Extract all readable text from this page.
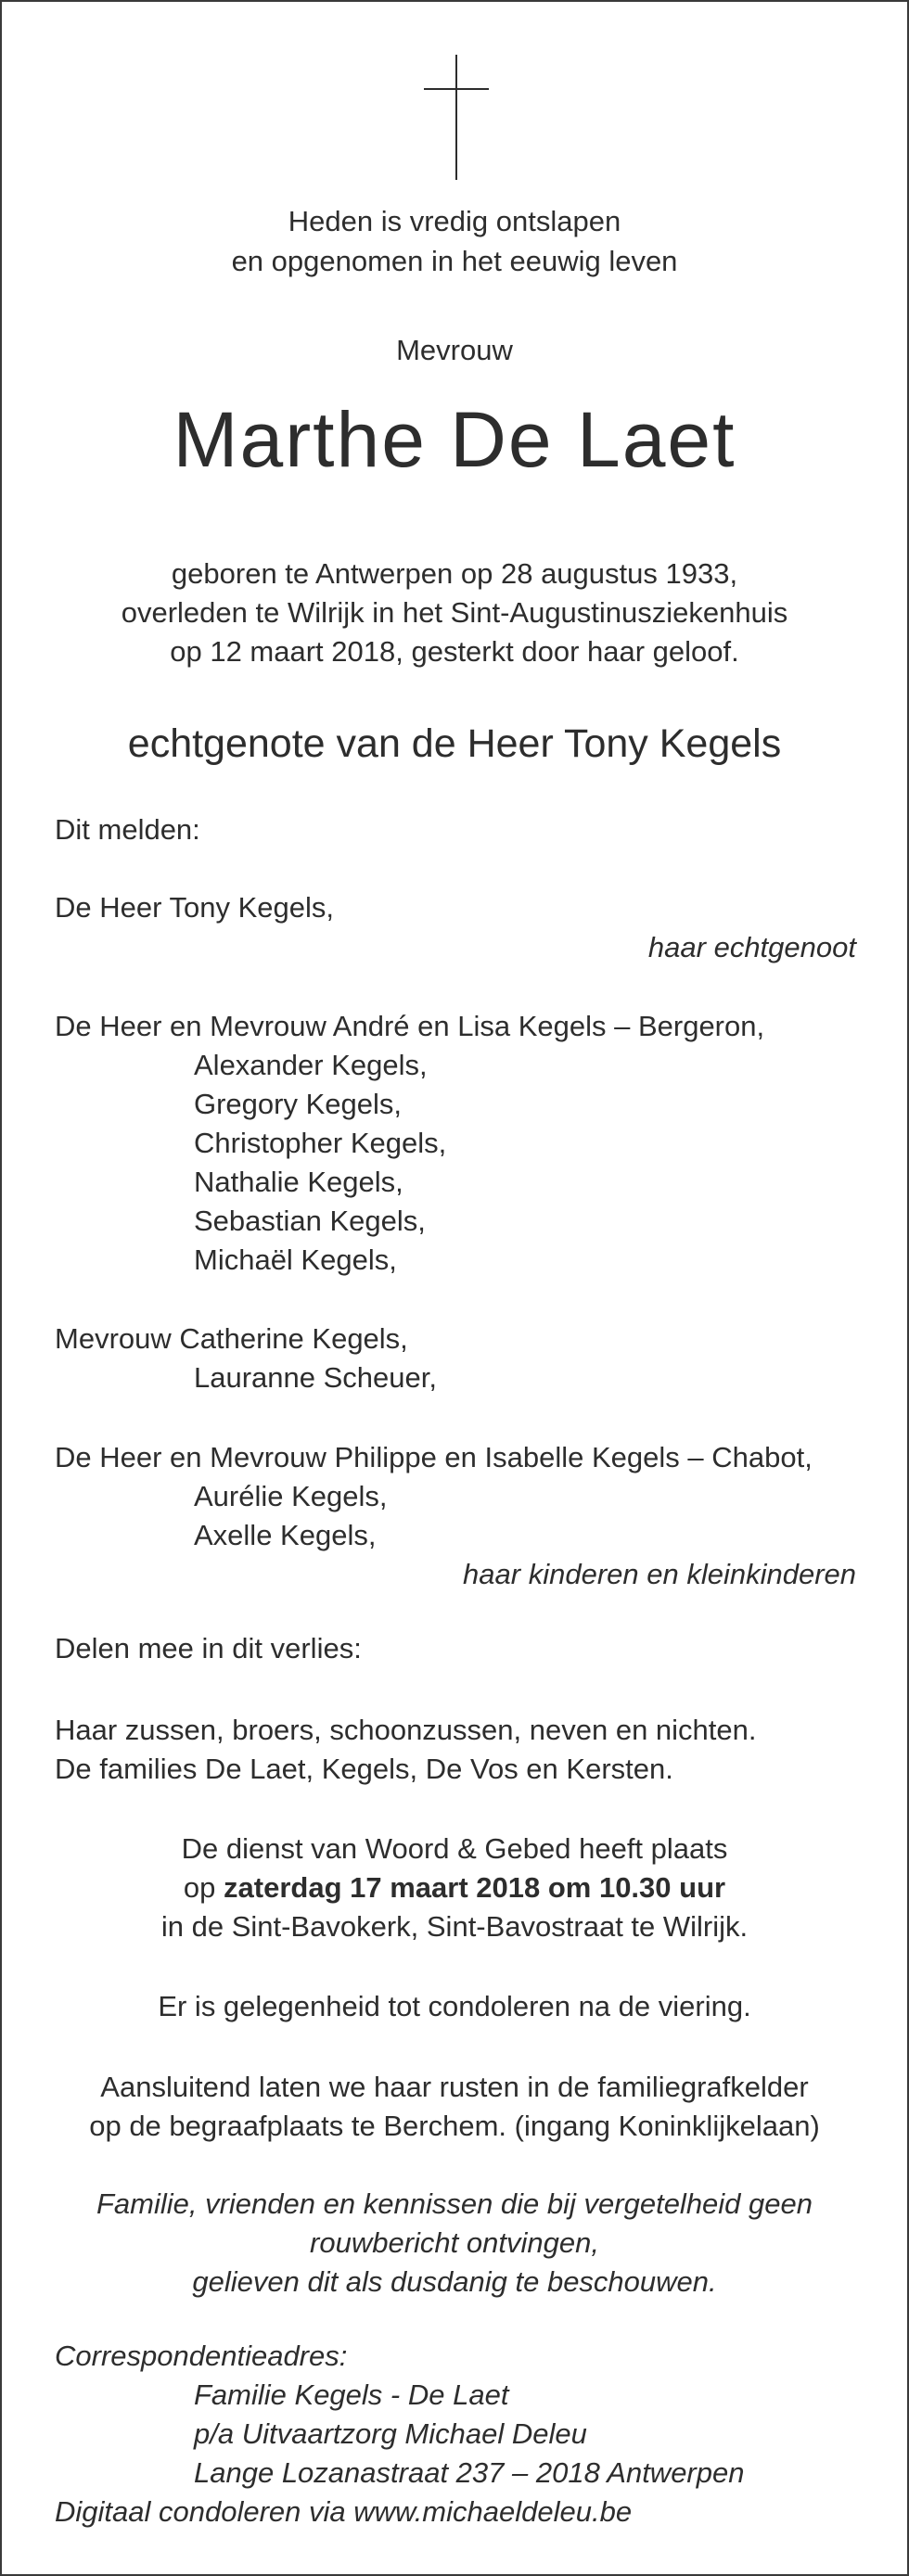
Heden is vredig ontslapen
en opgenomen in het eeuwig leven
Mevrouw
Marthe De Laet
geboren te Antwerpen op 28 augustus 1933,
overleden te Wilrijk in het Sint-Augustinusziekenhuis
op 12 maart 2018, gesterkt door haar geloof.
echtgenote van de Heer Tony Kegels
Dit melden:
De Heer Tony Kegels,
haar echtgenoot
De Heer en Mevrouw André en Lisa Kegels – Bergeron,
Alexander Kegels,
Gregory Kegels,
Christopher Kegels,
Nathalie Kegels,
Sebastian Kegels,
Michaël Kegels,
Mevrouw Catherine Kegels,
Lauranne Scheuer,
De Heer en Mevrouw Philippe en Isabelle Kegels – Chabot,
Aurélie Kegels,
Axelle Kegels,
haar kinderen en kleinkinderen
Delen mee in dit verlies:
Haar zussen, broers, schoonzussen, neven en nichten.
De families De Laet, Kegels, De Vos en Kersten.
De dienst van Woord & Gebed heeft plaats
op zaterdag 17 maart 2018 om 10.30 uur
in de Sint-Bavokerk, Sint-Bavostraat te Wilrijk.
Er is gelegenheid tot condoleren na de viering.
Aansluitend laten we haar rusten in de familiegrafkelder
op de begraafplaats te Berchem. (ingang Koninklijkelaan)
Familie, vrienden en kennissen die bij vergetelheid geen
rouwbericht ontvingen,
gelieven dit als dusdanig te beschouwen.
Correspondentieadres:
Familie Kegels - De Laet
p/a Uitvaartzorg Michael Deleu
Lange Lozanastraat 237 – 2018 Antwerpen
Digitaal condoleren via www.michaeldeleu.be
